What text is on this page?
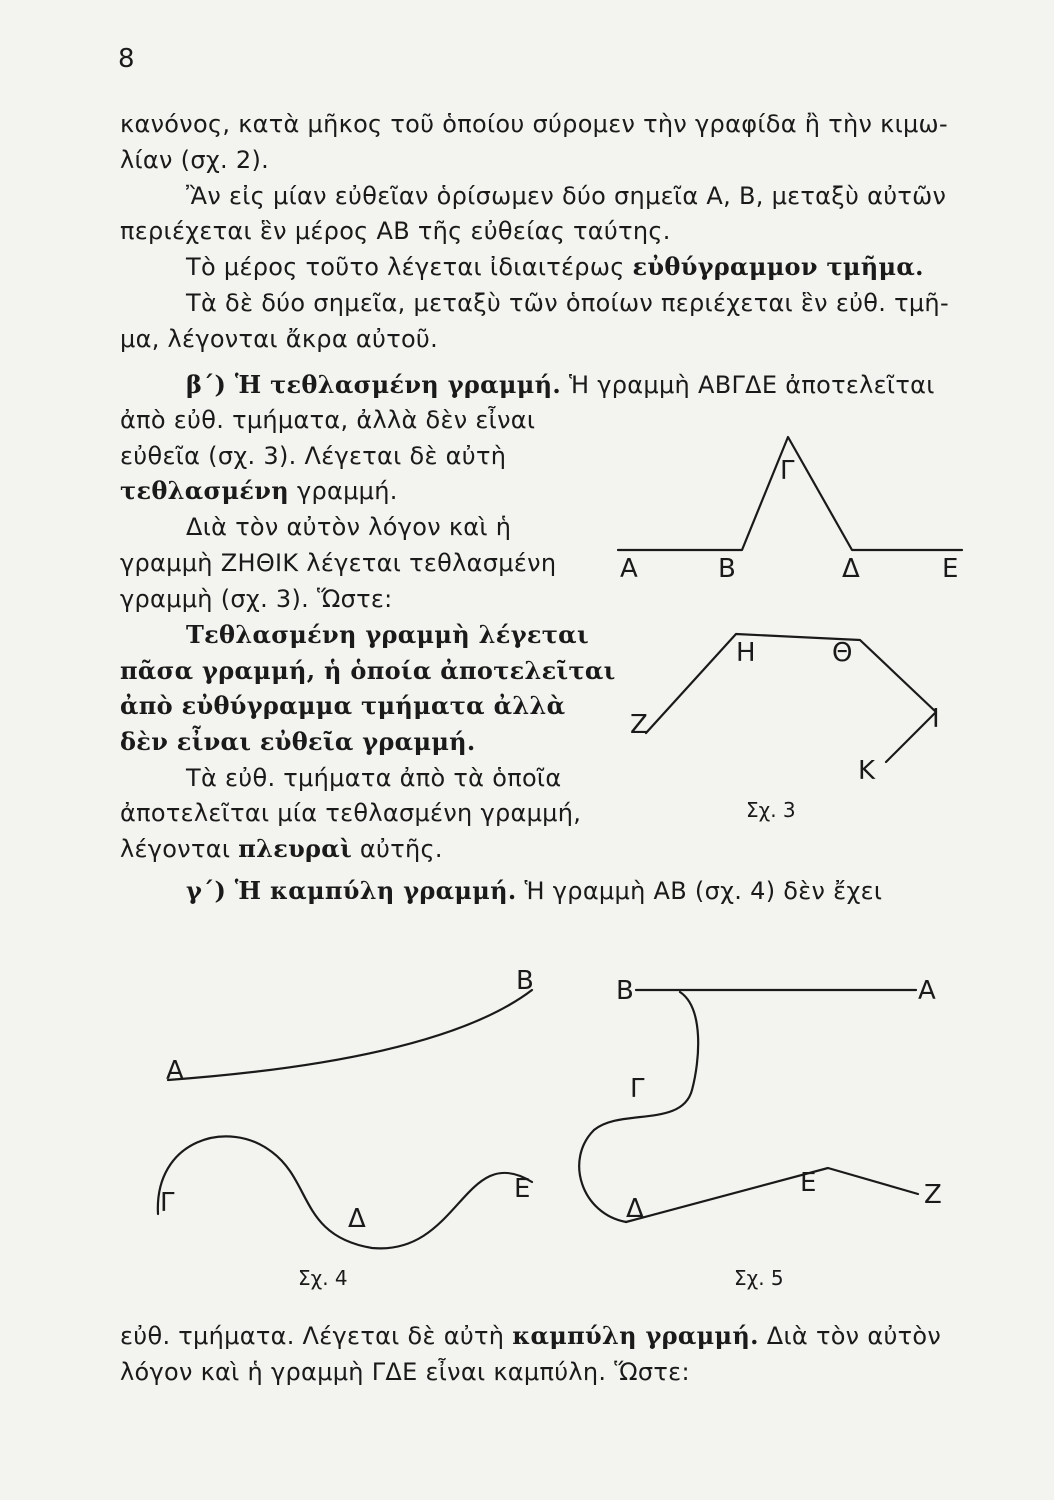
8
κανόνος, κατὰ μῆκος τοῦ ὁποίου σύρομεν τὴν γραφίδα ἢ τὴν κιμω-
λίαν (σχ. 2).
Ἂν εἰς μίαν εὐθεῖαν ὁρίσωμεν δύο σημεῖα Α, Β, μεταξὺ αὐτῶν
περιέχεται ἓν μέρος ΑΒ τῆς εὐθείας ταύτης.
Τὸ μέρος τοῦτο λέγεται ἰδιαιτέρως εὐθύγραμμον τμῆμα.
Τὰ δὲ δύο σημεῖα, μεταξὺ τῶν ὁποίων περιέχεται ἓν εὐθ. τμῆ-
μα, λέγονται ἄκρα αὐτοῦ.
β΄) Ἡ τεθλασμένη γραμμή. Ἡ γραμμὴ ΑΒΓΔΕ ἀποτελεῖται
ἀπὸ εὐθ. τμήματα, ἀλλὰ δὲν εἶναι
εὐθεῖα (σχ. 3). Λέγεται δὲ αὐτὴ
τεθλασμένη γραμμή.
Διὰ τὸν αὐτὸν λόγον καὶ ἡ
γραμμὴ ΖΗΘΙΚ λέγεται τεθλασμένη
γραμμὴ (σχ. 3). Ὥστε:
Τεθλασμένη γραμμὴ λέγεται
πᾶσα γραμμή, ἡ ὁποία ἀποτελεῖται
ἀπὸ εὐθύγραμμα τμήματα ἀλλὰ
δὲν εἶναι εὐθεῖα γραμμή.
Τὰ εὐθ. τμήματα ἀπὸ τὰ ὁποῖα
ἀποτελεῖται μία τεθλασμένη γραμμή,
λέγονται πλευραὶ αὐτῆς.
γ΄) Ἡ καμπύλη γραμμή. Ἡ γραμμὴ ΑΒ (σχ. 4) δὲν ἔχει
εὐθ. τμήματα. Λέγεται δὲ αὐτὴ καμπύλη γραμμή. Διὰ τὸν αὐτὸν
λόγον καὶ ἡ γραμμὴ ΓΔΕ εἶναι καμπύλη. Ὥστε:
Α	Β
Γ
Δ	Ε
Ζ
Η	Θ
Ι
Κ
Σχ. 3
Α
Β
Γ
Δ
Ε
Σχ. 4
Β	Α
Γ
Δ
Ε	Ζ
Σχ. 5
